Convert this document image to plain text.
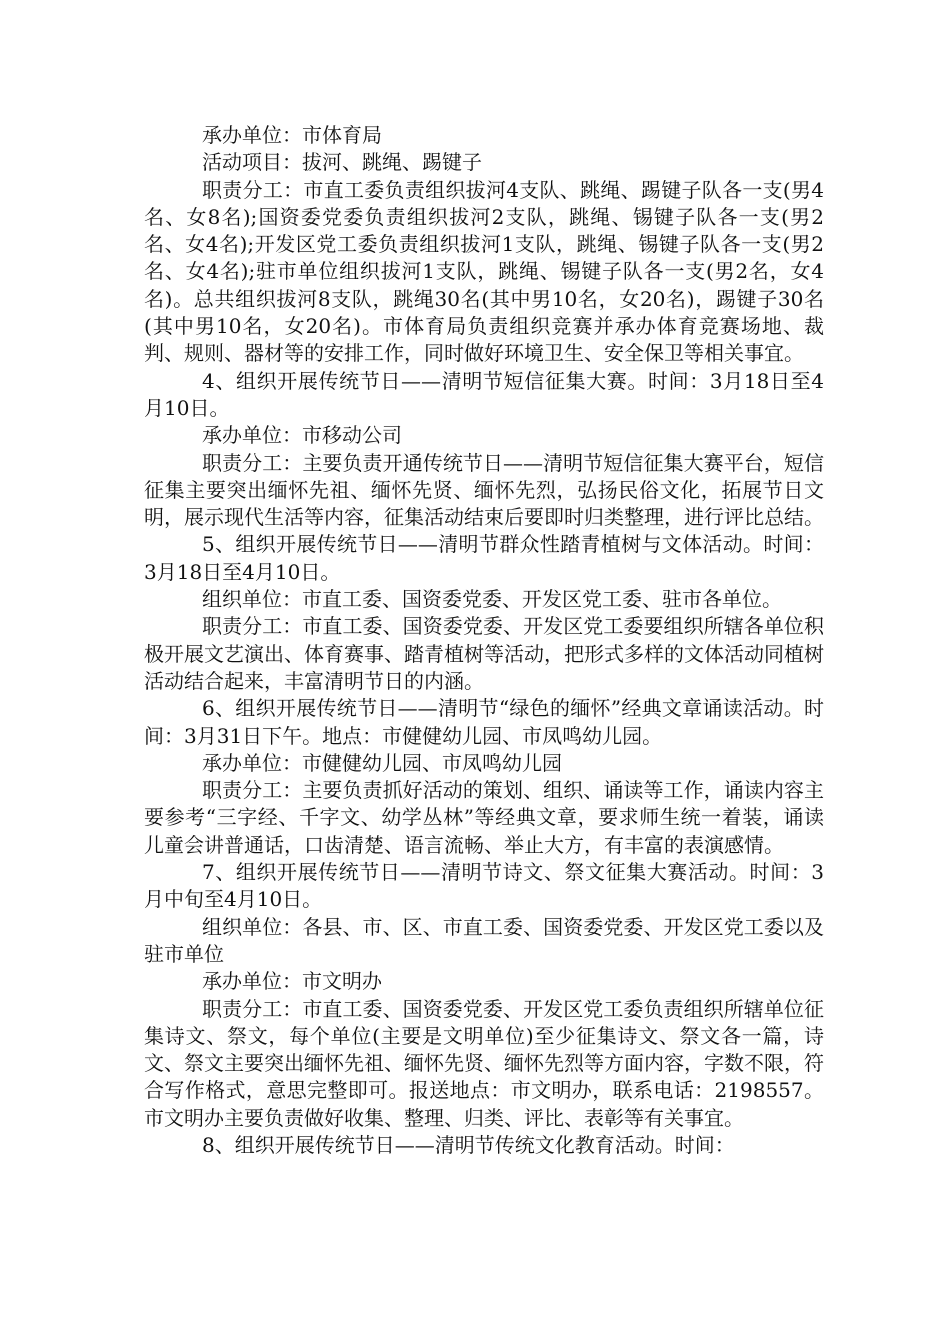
承办单位：市体育局

活动项目：拔河、跳绳、踢键子

职责分工：市直工委负责组织拔河4支队、跳绳、踢键子队各一支(男4名、女8名);国资委党委负责组织拔河2支队，跳绳、锡键子队各一支(男2名、女4名);开发区党工委负责组织拔河1支队，跳绳、锡键子队各一支(男2名、女4名);驻市单位组织拔河1支队，跳绳、锡键子队各一支(男2名，女4名)。总共组织拔河8支队，跳绳30名(其中男10名，女20名)，踢键子30名(其中男10名，女20名)。市体育局负责组织竞赛并承办体育竞赛场地、裁判、规则、器材等的安排工作，同时做好环境卫生、安全保卫等相关事宜。

4、组织开展传统节日——清明节短信征集大赛。时间：3月18日至4月10日。

承办单位：市移动公司

职责分工：主要负责开通传统节日——清明节短信征集大赛平台，短信征集主要突出缅怀先祖、缅怀先贤、缅怀先烈，弘扬民俗文化，拓展节日文明，展示现代生活等内容，征集活动结束后要即时归类整理，进行评比总结。

5、组织开展传统节日——清明节群众性踏青植树与文体活动。时间：3月18日至4月10日。

组织单位：市直工委、国资委党委、开发区党工委、驻市各单位。

职责分工：市直工委、国资委党委、开发区党工委要组织所辖各单位积极开展文艺演出、体育赛事、踏青植树等活动，把形式多样的文体活动同植树活动结合起来，丰富清明节日的内涵。

6、组织开展传统节日——清明节“绿色的缅怀”经典文章诵读活动。时间：3月31日下午。地点：市健健幼儿园、市凤鸣幼儿园。

承办单位：市健健幼儿园、市凤鸣幼儿园

职责分工：主要负责抓好活动的策划、组织、诵读等工作，诵读内容主要参考“三字经、千字文、幼学丛林”等经典文章，要求师生统一着装，诵读儿童会讲普通话，口齿清楚、语言流畅、举止大方，有丰富的表演感情。

7、组织开展传统节日——清明节诗文、祭文征集大赛活动。时间：3月中旬至4月10日。

组织单位：各县、市、区、市直工委、国资委党委、开发区党工委以及驻市单位

承办单位：市文明办

职责分工：市直工委、国资委党委、开发区党工委负责组织所辖单位征集诗文、祭文，每个单位(主要是文明单位)至少征集诗文、祭文各一篇，诗文、祭文主要突出缅怀先祖、缅怀先贤、缅怀先烈等方面内容，字数不限，符合写作格式，意思完整即可。报送地点：市文明办，联系电话：2198557。市文明办主要负责做好收集、整理、归类、评比、表彰等有关事宜。

8、组织开展传统节日——清明节传统文化教育活动。时间：
